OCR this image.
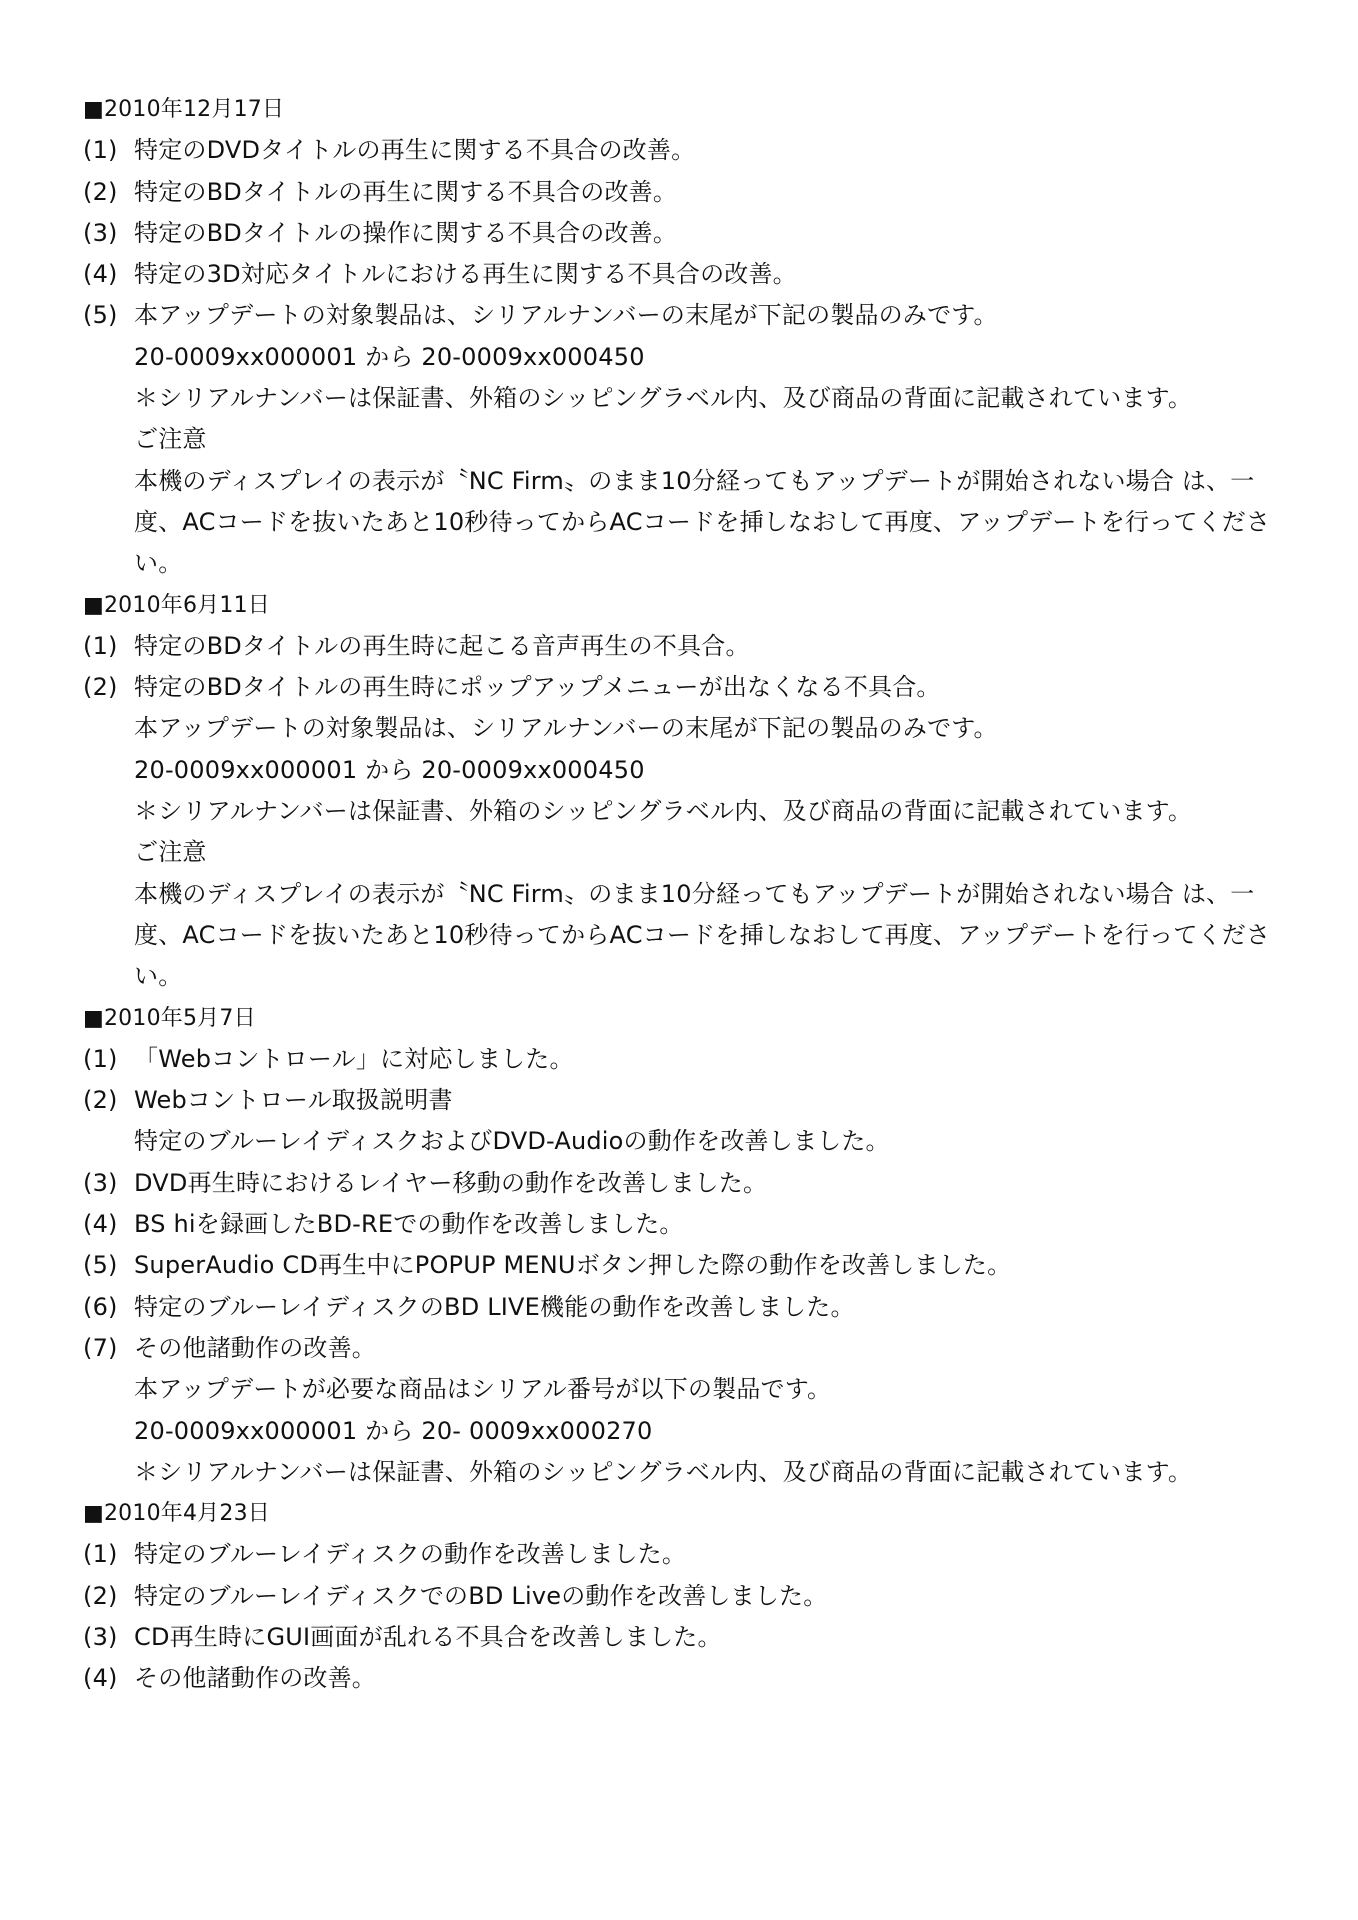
■2010年12月17日
(1) 特定のDVDタイトルの再生に関する不具合の改善。
(2) 特定のBDタイトルの再生に関する不具合の改善。
(3) 特定のBDタイトルの操作に関する不具合の改善。
(4) 特定の3D対応タイトルにおける再生に関する不具合の改善。
(5) 本アップデートの対象製品は、シリアルナンバーの末尾が下記の製品のみです。
20-0009xx000001 から 20-0009xx000450
＊シリアルナンバーは保証書、外箱のシッピングラベル内、及び商品の背面に記載されています。
ご注意
本機のディスプレイの表示が〝NC Firm〟のまま10分経ってもアップデートが開始されない場合 は、一
度、ACコードを抜いたあと10秒待ってからACコードを挿しなおして再度、アップデートを行ってくださ
い。
■2010年6月11日
(1) 特定のBDタイトルの再生時に起こる音声再生の不具合。
(2) 特定のBDタイトルの再生時にポップアップメニューが出なくなる不具合。
本アップデートの対象製品は、シリアルナンバーの末尾が下記の製品のみです。
20-0009xx000001 から 20-0009xx000450
＊シリアルナンバーは保証書、外箱のシッピングラベル内、及び商品の背面に記載されています。
ご注意
本機のディスプレイの表示が〝NC Firm〟のまま10分経ってもアップデートが開始されない場合 は、一
度、ACコードを抜いたあと10秒待ってからACコードを挿しなおして再度、アップデートを行ってくださ
い。
■2010年5月7日
(1) 「Webコントロール」に対応しました。
(2) Webコントロール取扱説明書
特定のブルーレイディスクおよびDVD-Audioの動作を改善しました。
(3) DVD再生時におけるレイヤー移動の動作を改善しました。
(4) BS hiを録画したBD-REでの動作を改善しました。
(5) SuperAudio CD再生中にPOPUP MENUボタン押した際の動作を改善しました。
(6) 特定のブルーレイディスクのBD LIVE機能の動作を改善しました。
(7) その他諸動作の改善。
本アップデートが必要な商品はシリアル番号が以下の製品です。
20-0009xx000001 から 20- 0009xx000270
＊シリアルナンバーは保証書、外箱のシッピングラベル内、及び商品の背面に記載されています。
■2010年4月23日
(1) 特定のブルーレイディスクの動作を改善しました。
(2) 特定のブルーレイディスクでのBD Liveの動作を改善しました。
(3) CD再生時にGUI画面が乱れる不具合を改善しました。
(4) その他諸動作の改善。
